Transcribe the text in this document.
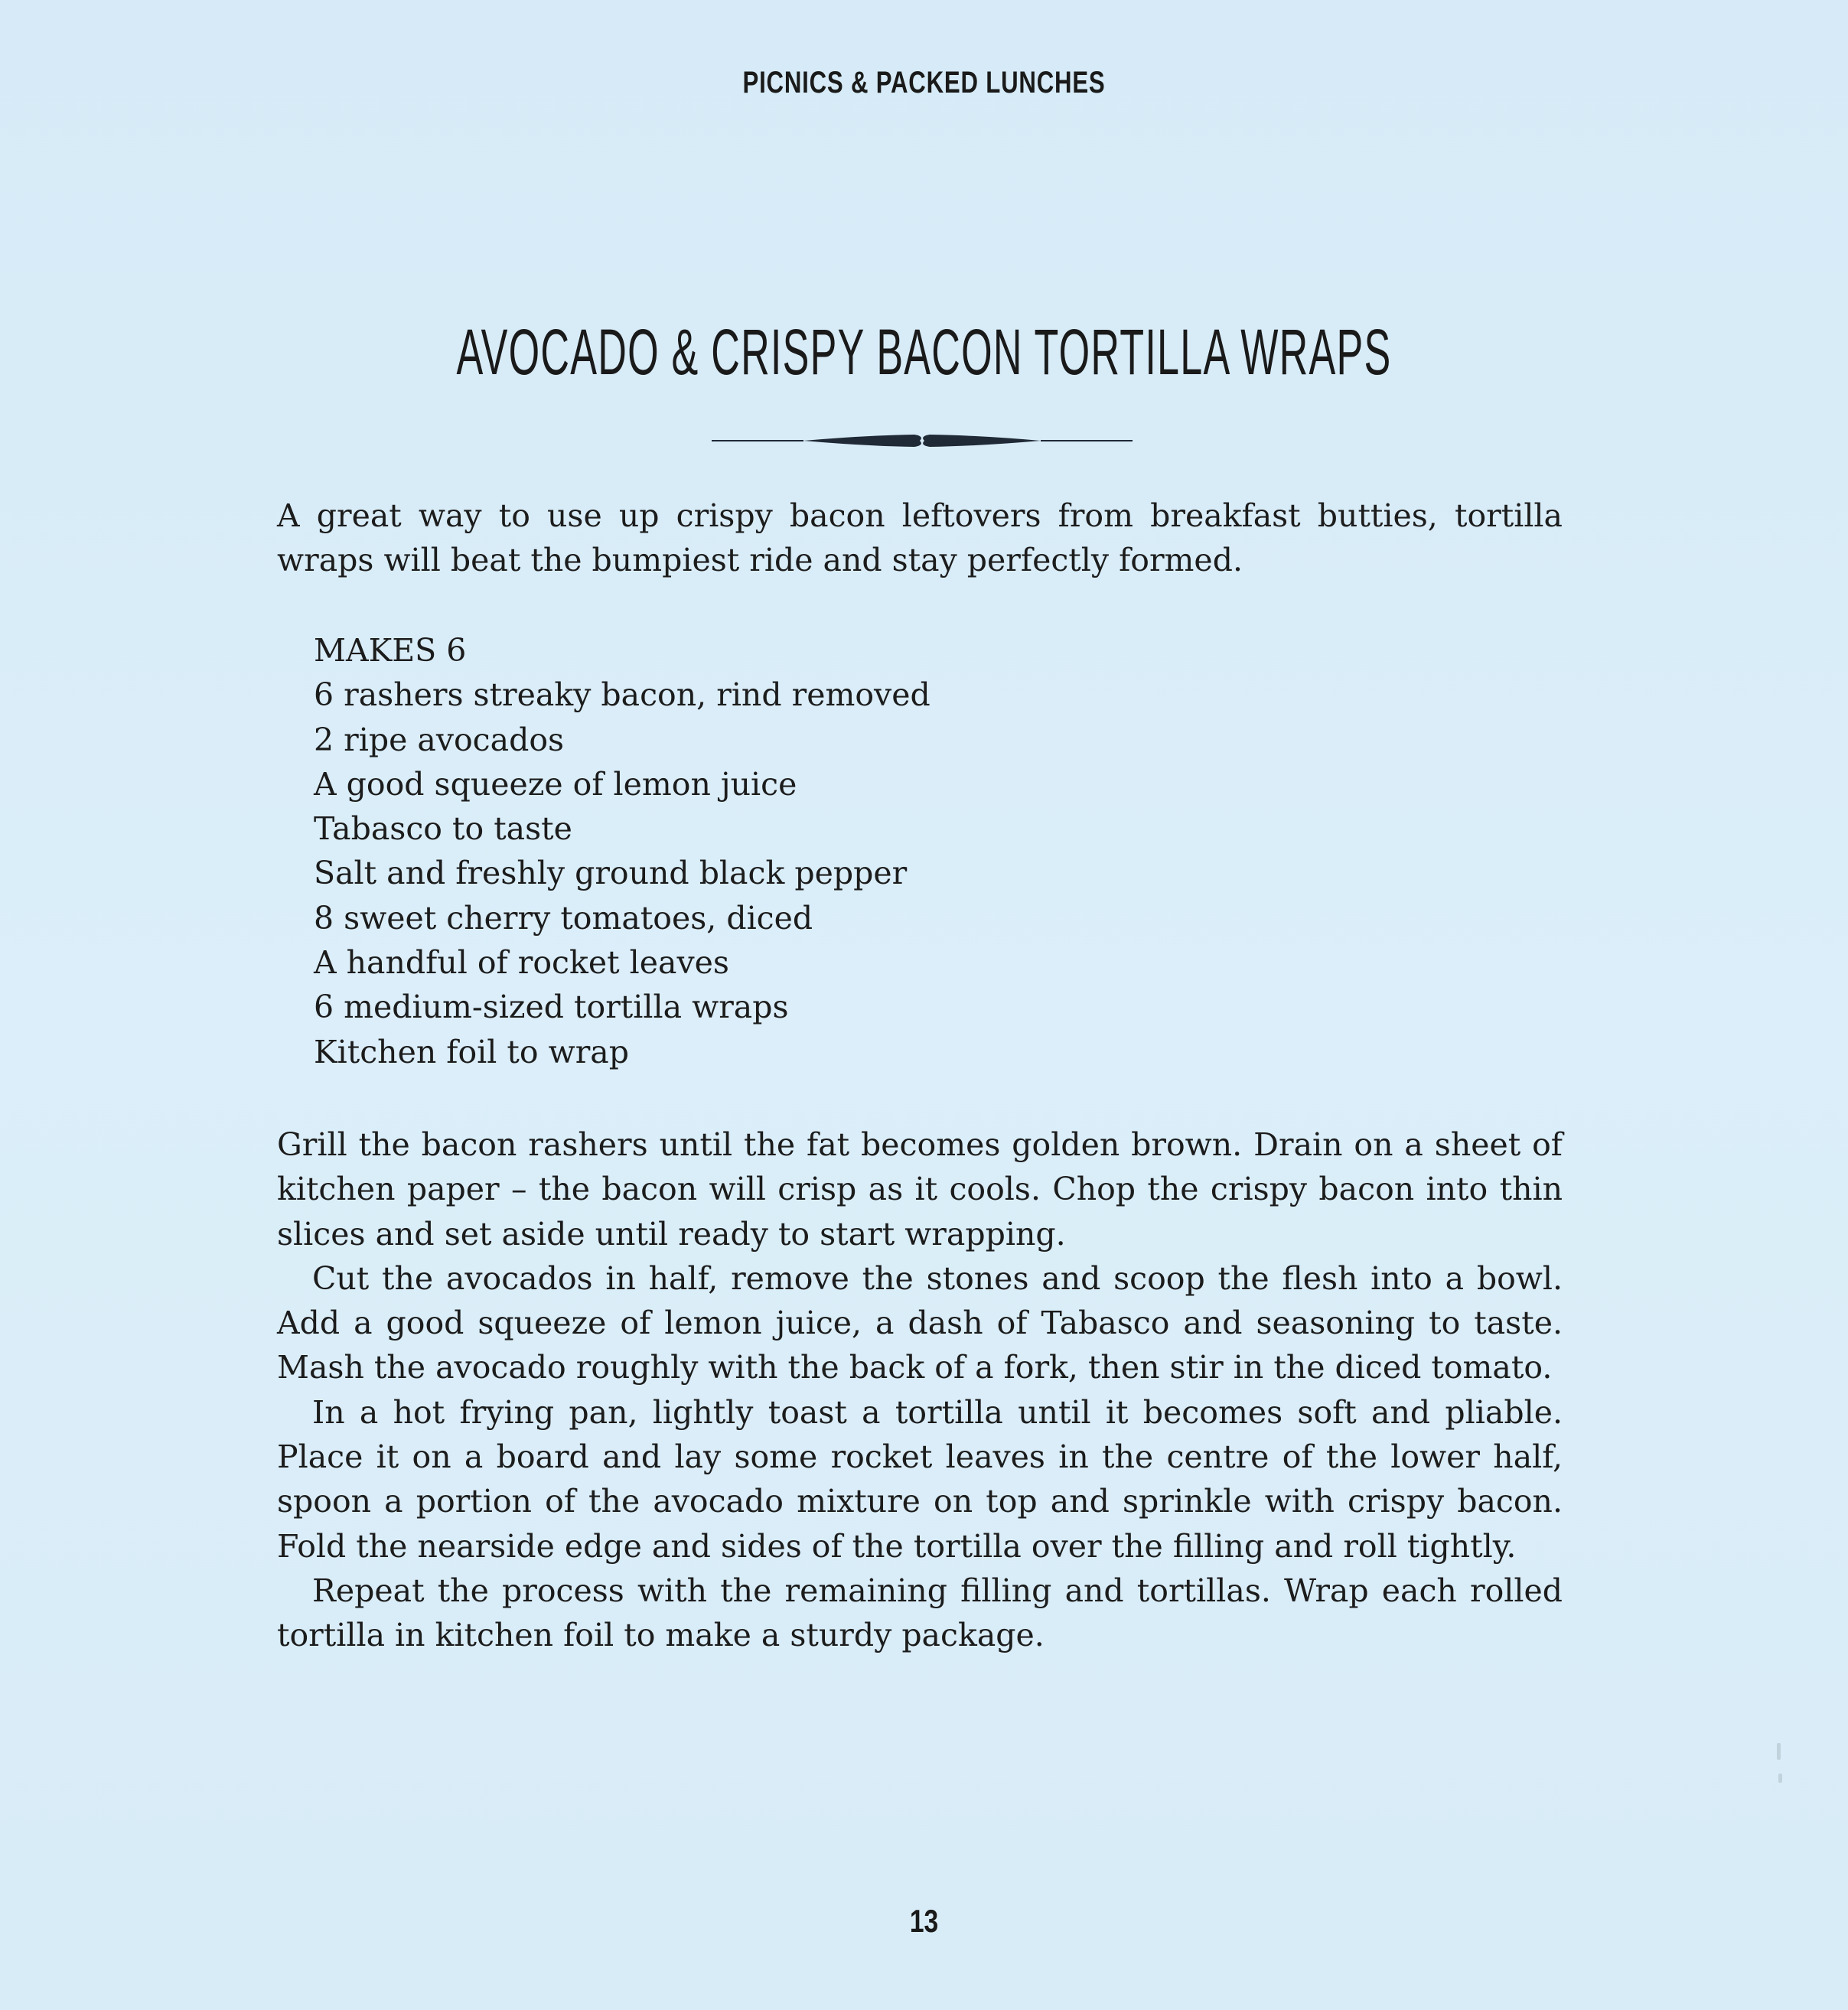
PICNICS & PACKED LUNCHES
AVOCADO & CRISPY BACON TORTILLA WRAPS

A great way to use up crispy bacon leftovers from breakfast butties, tortilla wraps will beat the bumpiest ride and stay perfectly formed.

MAKES 6
6 rashers streaky bacon, rind removed
2 ripe avocados
A good squeeze of lemon juice
Tabasco to taste
Salt and freshly ground black pepper
8 sweet cherry tomatoes, diced
A handful of rocket leaves
6 medium-sized tortilla wraps
Kitchen foil to wrap

Grill the bacon rashers until the fat becomes golden brown. Drain on a sheet of kitchen paper – the bacon will crisp as it cools. Chop the crispy bacon into thin slices and set aside until ready to start wrapping.

Cut the avocados in half, remove the stones and scoop the flesh into a bowl. Add a good squeeze of lemon juice, a dash of Tabasco and seasoning to taste. Mash the avocado roughly with the back of a fork, then stir in the diced tomato.

In a hot frying pan, lightly toast a tortilla until it becomes soft and pliable. Place it on a board and lay some rocket leaves in the centre of the lower half, spoon a portion of the avocado mixture on top and sprinkle with crispy bacon. Fold the nearside edge and sides of the tortilla over the filling and roll tightly.

Repeat the process with the remaining filling and tortillas. Wrap each rolled tortilla in kitchen foil to make a sturdy package.

13
